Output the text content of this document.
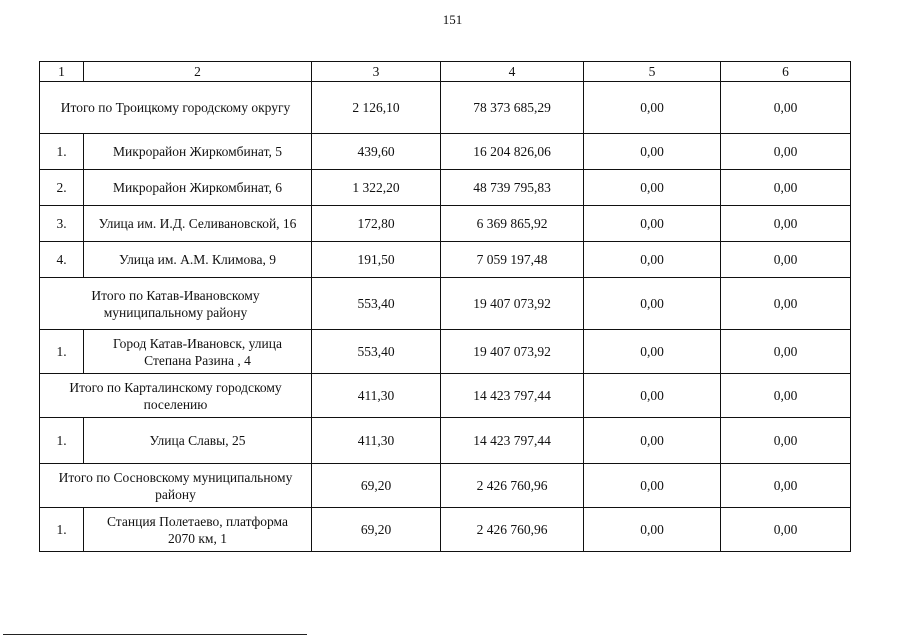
151
1	2	3	4	5	6
Итого по Троицкому городскому округу		2 126,10	78 373 685,29	0,00	0,00
1.	Микрорайон Жиркомбинат, 5	439,60	16 204 826,06	0,00	0,00
2.	Микрорайон Жиркомбинат, 6	1 322,20	48 739 795,83	0,00	0,00
3.	Улица им. И.Д. Селивановской, 16	172,80	6 369 865,92	0,00	0,00
4.	Улица им. А.М. Климова, 9	191,50	7 059 197,48	0,00	0,00
Итого по Катав-Ивановскому
муниципальному району		553,40	19 407 073,92	0,00	0,00
1.	Город Катав-Ивановск, улица
Степана Разина , 4	553,40	19 407 073,92	0,00	0,00
Итого по Карталинскому городскому
поселению		411,30	14 423 797,44	0,00	0,00
1.	Улица Славы, 25	411,30	14 423 797,44	0,00	0,00
Итого по Сосновскому муниципальному
району		69,20	2 426 760,96	0,00	0,00
1.	Станция Полетаево, платформа
2070 км, 1	69,20	2 426 760,96	0,00	0,00
